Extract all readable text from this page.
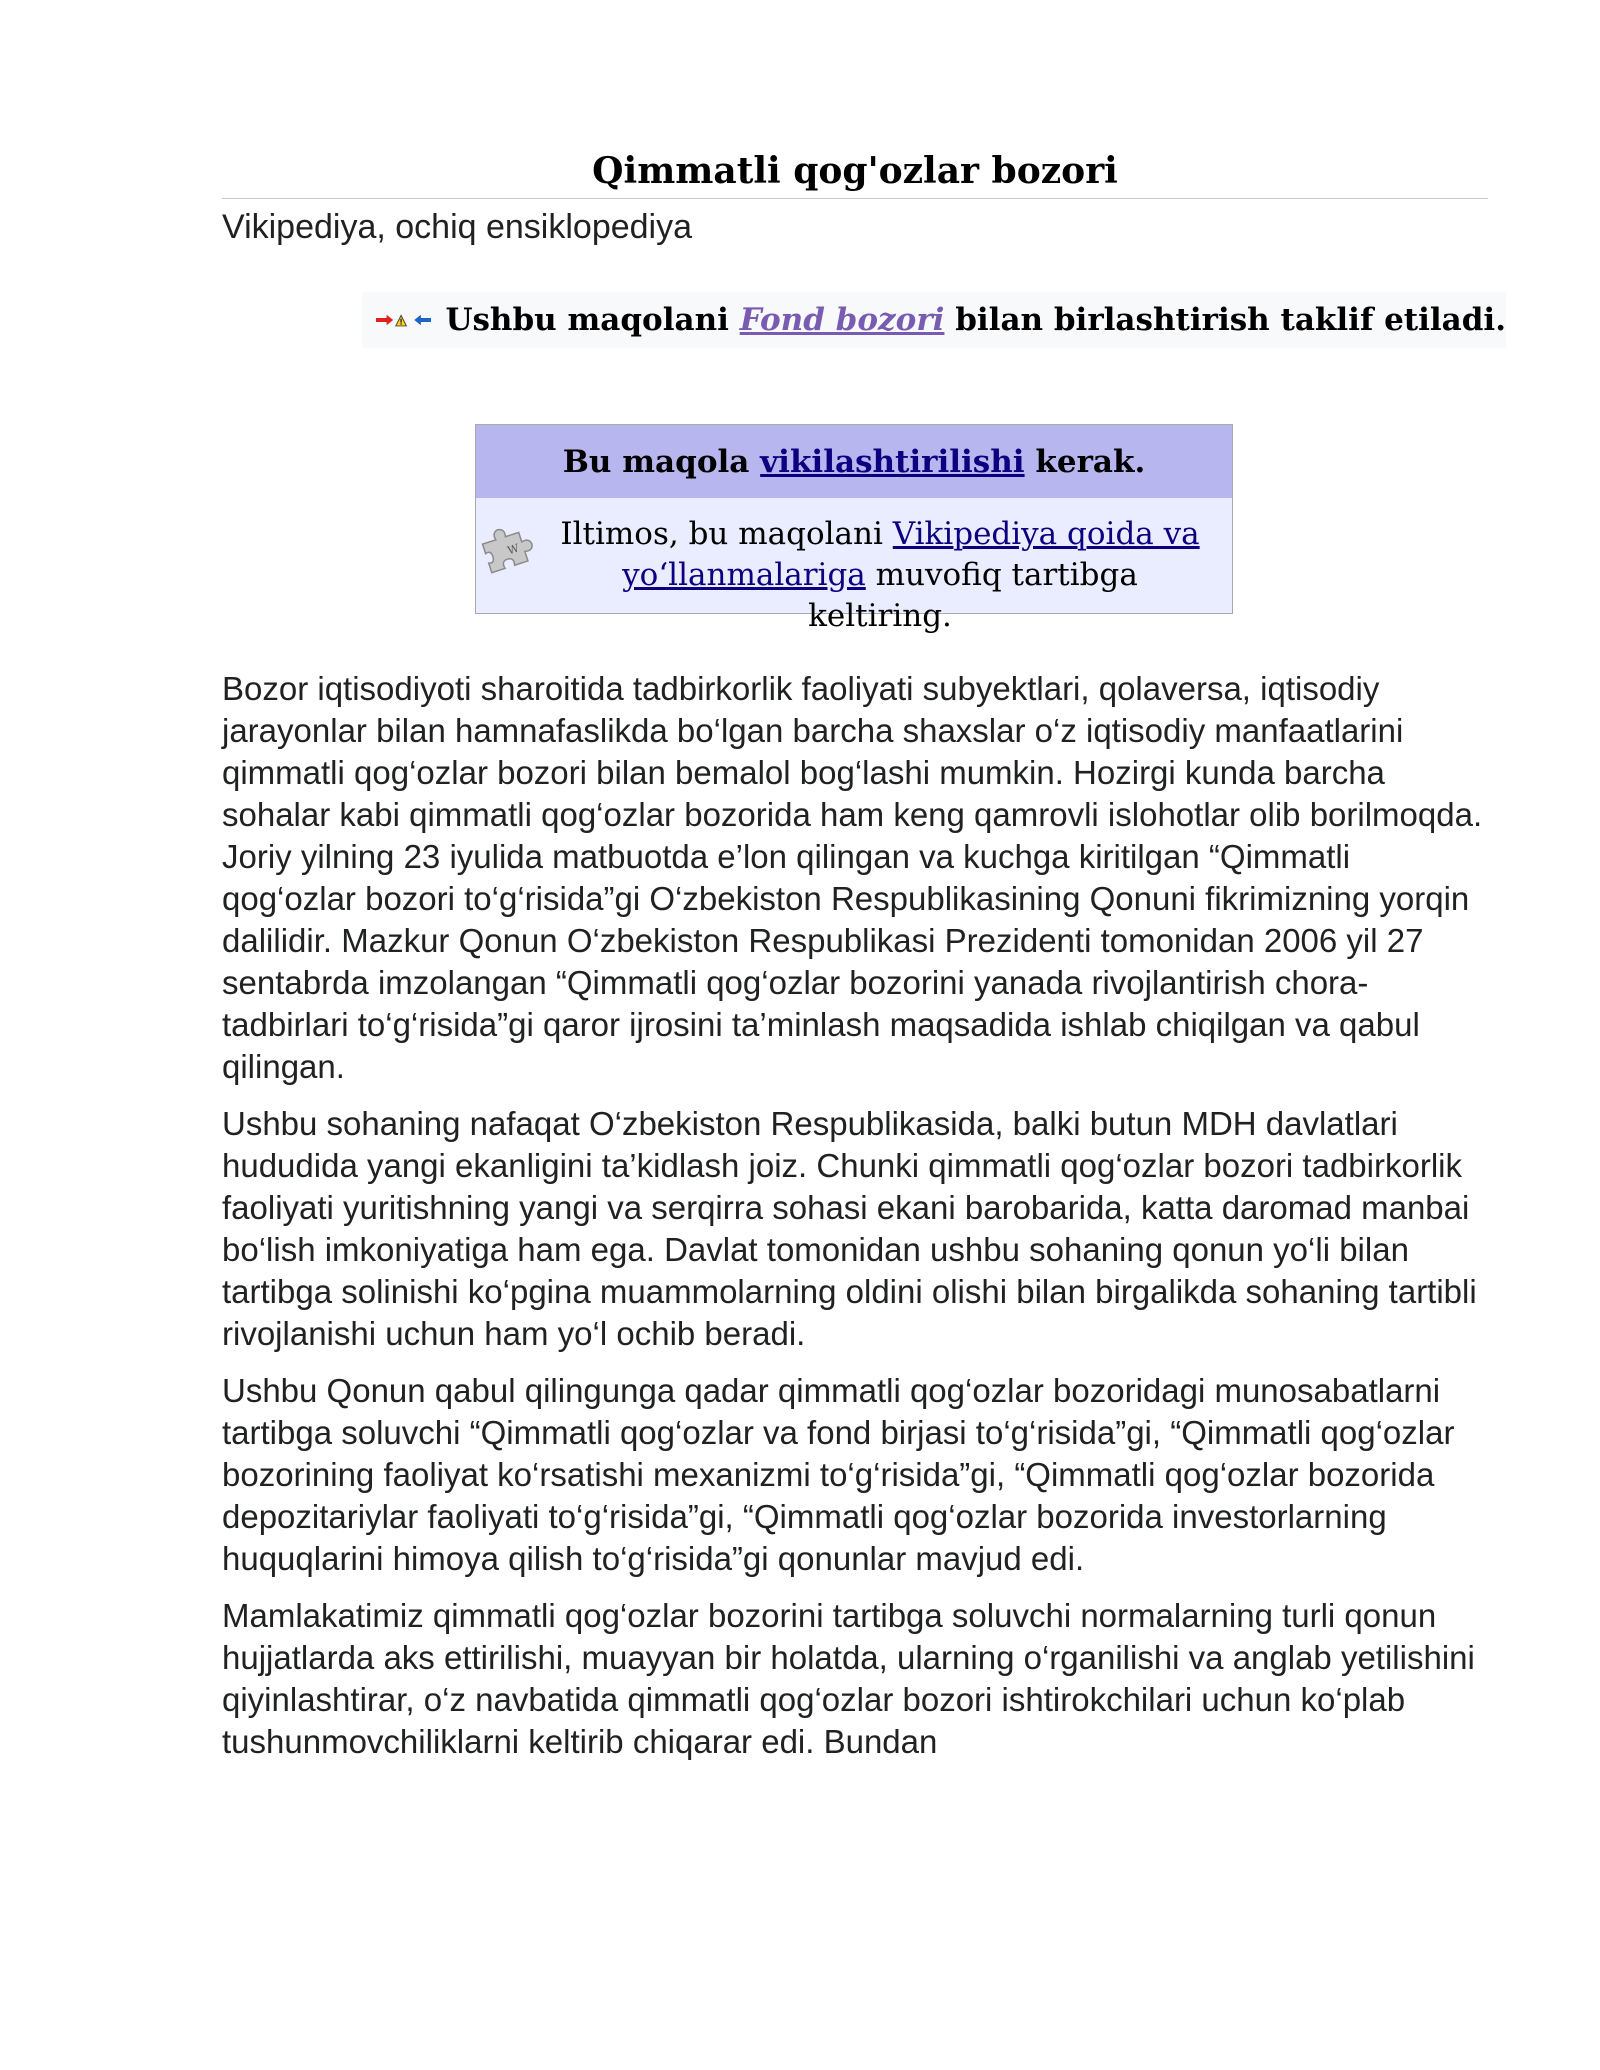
Qimmatli qog'ozlar bozori
Vikipediya, ochiq ensiklopediya
Ushbu maqolani Fond bozori bilan birlashtirish taklif etiladi.
Bu maqola vikilashtirilishi kerak.
W	Iltimos, bu maqolani Vikipediya qoida va yo‘llanmalariga muvofiq tartibga keltiring.

Bozor iqtisodiyoti sharoitida tadbirkorlik faoliyati subyektlari, qolaversa, iqtisodiy jarayonlar bilan hamnafaslikda bo‘lgan barcha shaxslar o‘z iqtisodiy manfaatlarini qimmatli qog‘ozlar bozori bilan bemalol bog‘lashi mumkin. Hozirgi kunda barcha sohalar kabi qimmatli qog‘ozlar bozorida ham keng qamrovli islohotlar olib borilmoqda. Joriy yilning 23 iyulida matbuotda e’lon qilingan va kuchga kiritilgan “Qimmatli qog‘ozlar bozori to‘g‘risida”gi O‘zbekiston Respublikasining Qonuni fikrimizning yorqin dalilidir. Mazkur Qonun O‘zbekiston Respublikasi Prezidenti tomonidan 2006 yil 27 sentabrda imzolangan “Qimmatli qog‘ozlar bozorini yanada rivojlantirish chora-tadbirlari to‘g‘risida”gi qaror ijrosini ta’minlash maqsadida ishlab chiqilgan va qabul qilingan.

Ushbu sohaning nafaqat O‘zbekiston Respublikasida, balki butun MDH davlatlari hududida yangi ekanligini ta’kidlash joiz. Chunki qimmatli qog‘ozlar bozori tadbirkorlik faoliyati yuritishning yangi va serqirra sohasi ekani barobarida, katta daromad manbai bo‘lish imkoniyatiga ham ega. Davlat tomonidan ushbu sohaning qonun yo‘li bilan tartibga solinishi ko‘pgina muammolarning oldini olishi bilan birgalikda sohaning tartibli rivojlanishi uchun ham yo‘l ochib beradi.

Ushbu Qonun qabul qilingunga qadar qimmatli qog‘ozlar bozoridagi munosabatlarni tartibga soluvchi “Qimmatli qog‘ozlar va fond birjasi to‘g‘risida”gi, “Qimmatli qog‘ozlar bozorining faoliyat ko‘rsatishi mexanizmi to‘g‘risida”gi, “Qimmatli qog‘ozlar bozorida depozitariylar faoliyati to‘g‘risida”gi, “Qimmatli qog‘ozlar bozorida investorlarning huquqlarini himoya qilish to‘g‘risida”gi qonunlar mavjud edi.

Mamlakatimiz qimmatli qog‘ozlar bozorini tartibga soluvchi normalarning turli qonun hujjatlarda aks ettirilishi, muayyan bir holatda, ularning o‘rganilishi va anglab yetilishini qiyinlashtirar, o‘z navbatida qimmatli qog‘ozlar bozori ishtirokchilari uchun ko‘plab tushunmovchiliklarni keltirib chiqarar edi. Bundan
